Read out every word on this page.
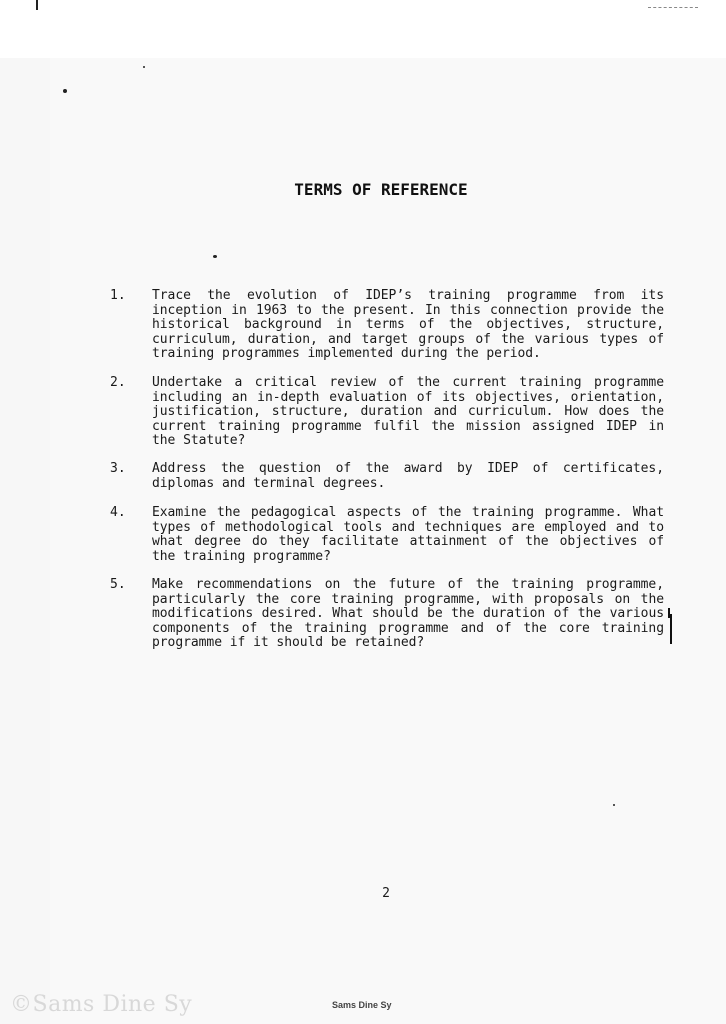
TERMS OF REFERENCE
1.	Trace the evolution of IDEP’s training programme from its inception in 1963 to the present. In this connection provide the historical background in terms of the objectives, structure, curriculum, duration, and target groups of the various types of training programmes implemented during the period.
2.	Undertake a critical review of the current training programme including an in-depth evaluation of its objectives, orientation, justification, structure, duration and curriculum. How does the current training programme fulfil the mission assigned IDEP in the Statute?
3.	Address the question of the award by IDEP of certificates, diplomas and terminal degrees.
4.	Examine the pedagogical aspects of the training programme. What types of methodological tools and techniques are employed and to what degree do they facilitate attainment of the objectives of the training programme?
5.	Make recommendations on the future of the training programme, particularly the core training programme, with proposals on the modifications desired. What should be the duration of the various components of the training programme and of the core training programme if it should be retained?
2
©Sams Dine Sy	Sams Dine Sy
